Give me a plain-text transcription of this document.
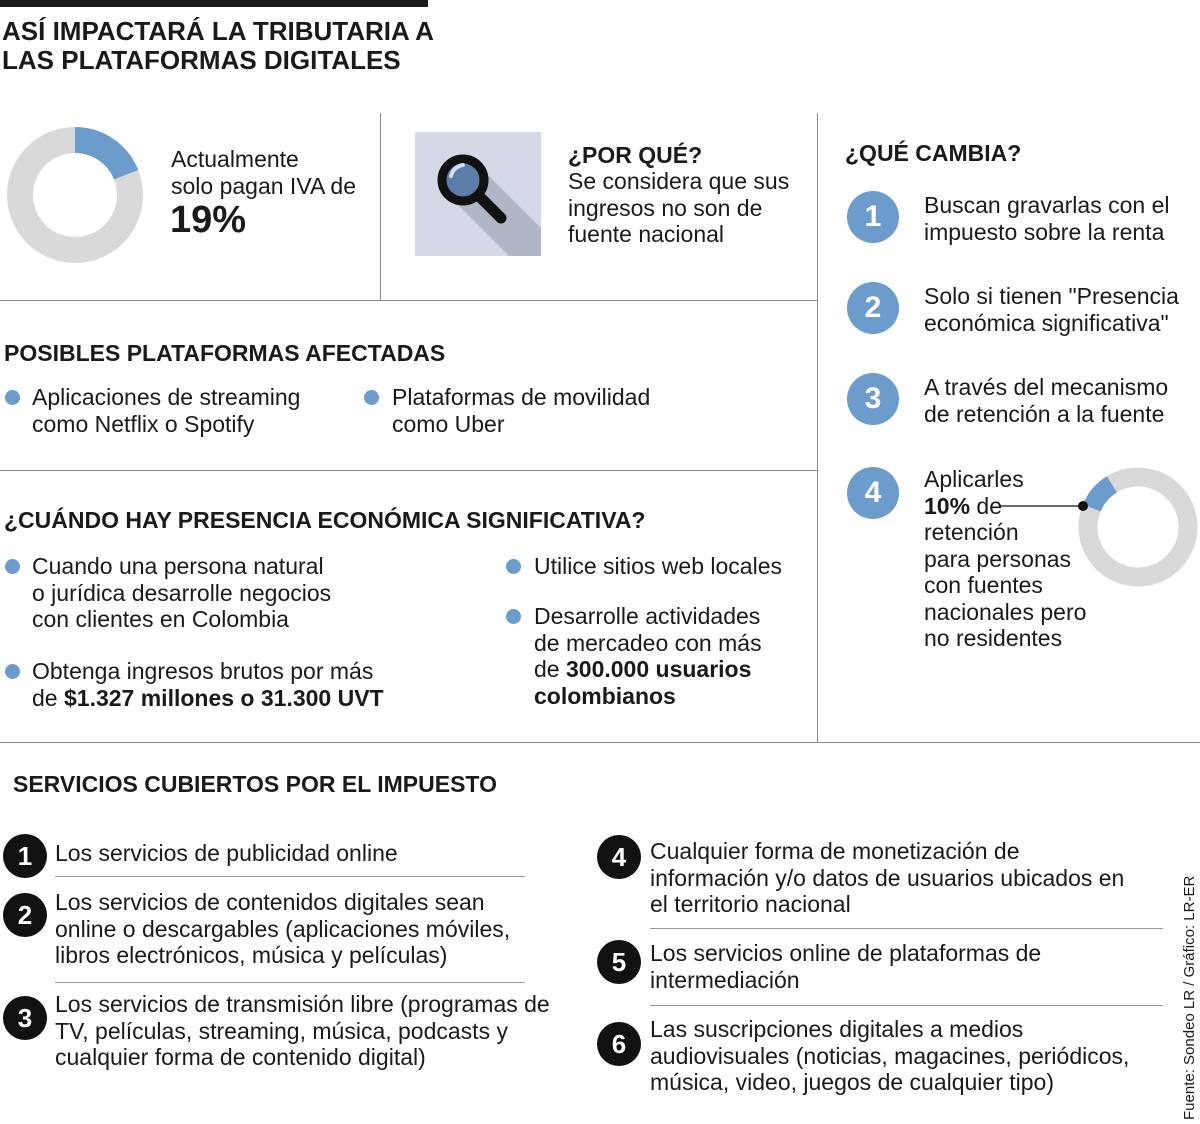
ASÍ IMPACTARÁ LA TRIBUTARIA A
LAS PLATAFORMAS DIGITALES
Actualmente
solo pagan IVA de
19%
¿POR QUÉ?
Se considera que sus
ingresos no son de
fuente nacional
¿QUÉ CAMBIA?
1	Buscan gravarlas con el
impuesto sobre la renta
2	Solo si tienen "Presencia
económica significativa"
3	A través del mecanismo
de retención a la fuente
4	Aplicarles
10% de
retención
para personas
con fuentes
nacionales pero
no residentes
POSIBLES PLATAFORMAS AFECTADAS
Aplicaciones de streaming
como Netflix o Spotify
Plataformas de movilidad
como Uber
¿CUÁNDO HAY PRESENCIA ECONÓMICA SIGNIFICATIVA?
Cuando una persona natural
o jurídica desarrolle negocios
con clientes en Colombia
Obtenga ingresos brutos por más
de $1.327 millones o 31.300 UVT
Utilice sitios web locales
Desarrolle actividades
de mercadeo con más
de 300.000 usuarios
colombianos
SERVICIOS CUBIERTOS POR EL IMPUESTO
1 Los servicios de publicidad online
2 Los servicios de contenidos digitales sean
online o descargables (aplicaciones móviles,
libros electrónicos, música y películas)
3 Los servicios de transmisión libre (programas de
TV, películas, streaming, música, podcasts y
cualquier forma de contenido digital)
4	Cualquier forma de monetización de
información y/o datos de usuarios ubicados en
el territorio nacional
5	Los servicios online de plataformas de
intermediación
6	Las suscripciones digitales a medios
audiovisuales (noticias, magacines, periódicos,
música, video, juegos de cualquier tipo)	Fuente: Sondeo LR / Gráfico: LR-ER
